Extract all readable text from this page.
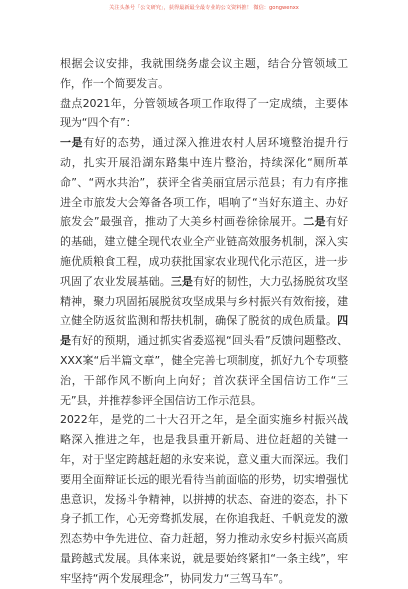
关注头条号「公文研究」，获得最新最全最专业的公文资料推！ 微信：gongwenxx

根据会议安排，我就围绕务虚会议主题，结合分管领域工作，作一个简要发言。
盘点2021年，分管领域各项工作取得了一定成绩，主要体现为“四个有”：
一是有好的态势，通过深入推进农村人居环境整治提升行动，扎实开展沿湖东路集中连片整治，持续深化“厕所革命”、“两水共治”，获评全省美丽宜居示范县；有力有序推进全市旅发大会筹备各项工作，唱响了“当好东道主、办好旅发会”最强音，推动了大美乡村画卷徐徐展开。二是有好的基础，建立健全现代农业全产业链高效服务机制，深入实施优质粮食工程，成功获批国家农业现代化示范区，进一步巩固了农业发展基础。三是有好的韧性，大力弘扬脱贫攻坚精神，聚力巩固拓展脱贫攻坚成果与乡村振兴有效衔接，建立健全防返贫监测和帮扶机制，确保了脱贫的成色质量。四是有好的预期，通过抓实省委巡视“回头看”反馈问题整改、XXX案“后半篇文章”，健全完善七项制度，抓好九个专项整治，干部作风不断向上向好；首次获评全国信访工作“三无”县，并推荐参评全国信访工作示范县。

2022年，是党的二十大召开之年，是全面实施乡村振兴战略深入推进之年，也是我县重开新局、进位赶超的关键一年，对于坚定跨越赶超的永安来说，意义重大而深远。我们要用全面辩证长远的眼光看待当前面临的形势，切实增强忧患意识，发扬斗争精神，以拼搏的状态、奋进的姿态，扑下身子抓工作，心无旁骛抓发展，在你追我赶、千帆竞发的激烈态势中争先进位、奋力赶超，努力推动永安乡村振兴高质量跨越式发展。具体来说，就是要始终紧扣“一条主线”，牢牢坚持“两个发展理念”，协同发力“三驾马车”。
